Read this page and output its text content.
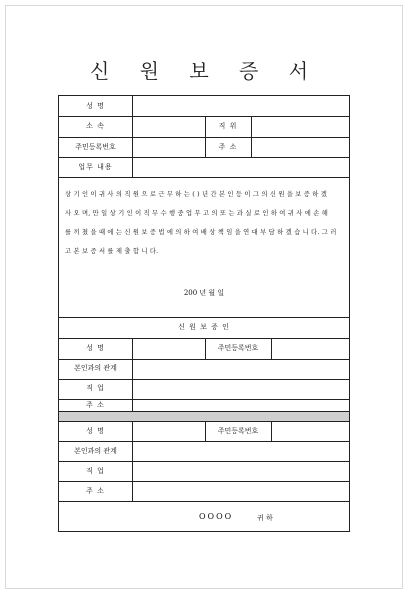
신 원 보 증 서
성 명
소 속	직 위
주민등록번호	주 소
업무 내용
상 기 인 이 귀 사 의 직 원 으 로 근 무 하 는 ( ) 년 간 본 인 등 이 그 의 신 원 을 보 증 하 겠
사 오 며, 만 일 상 기 인 이 직 무 수 행 중 업 무 고 의 또 는 과 실 로 인 하 여 귀 사 에 손 해
를 끼 쳤 을 때 에 는 신 원 보 증 법 에 의 하 여 배 상 책 임 을 연 대 부 담 하 겠 습 니 다. 그 러
고 본 보 증 서 를 제 출 합 니 다.
200 년 월 일
신 원 보 증 인
성 명	주민등록번호
본인과의 관계
직 업
주 소
성 명	주민등록번호
본인과의 관계
직 업
주 소
OOOO	귀 하
